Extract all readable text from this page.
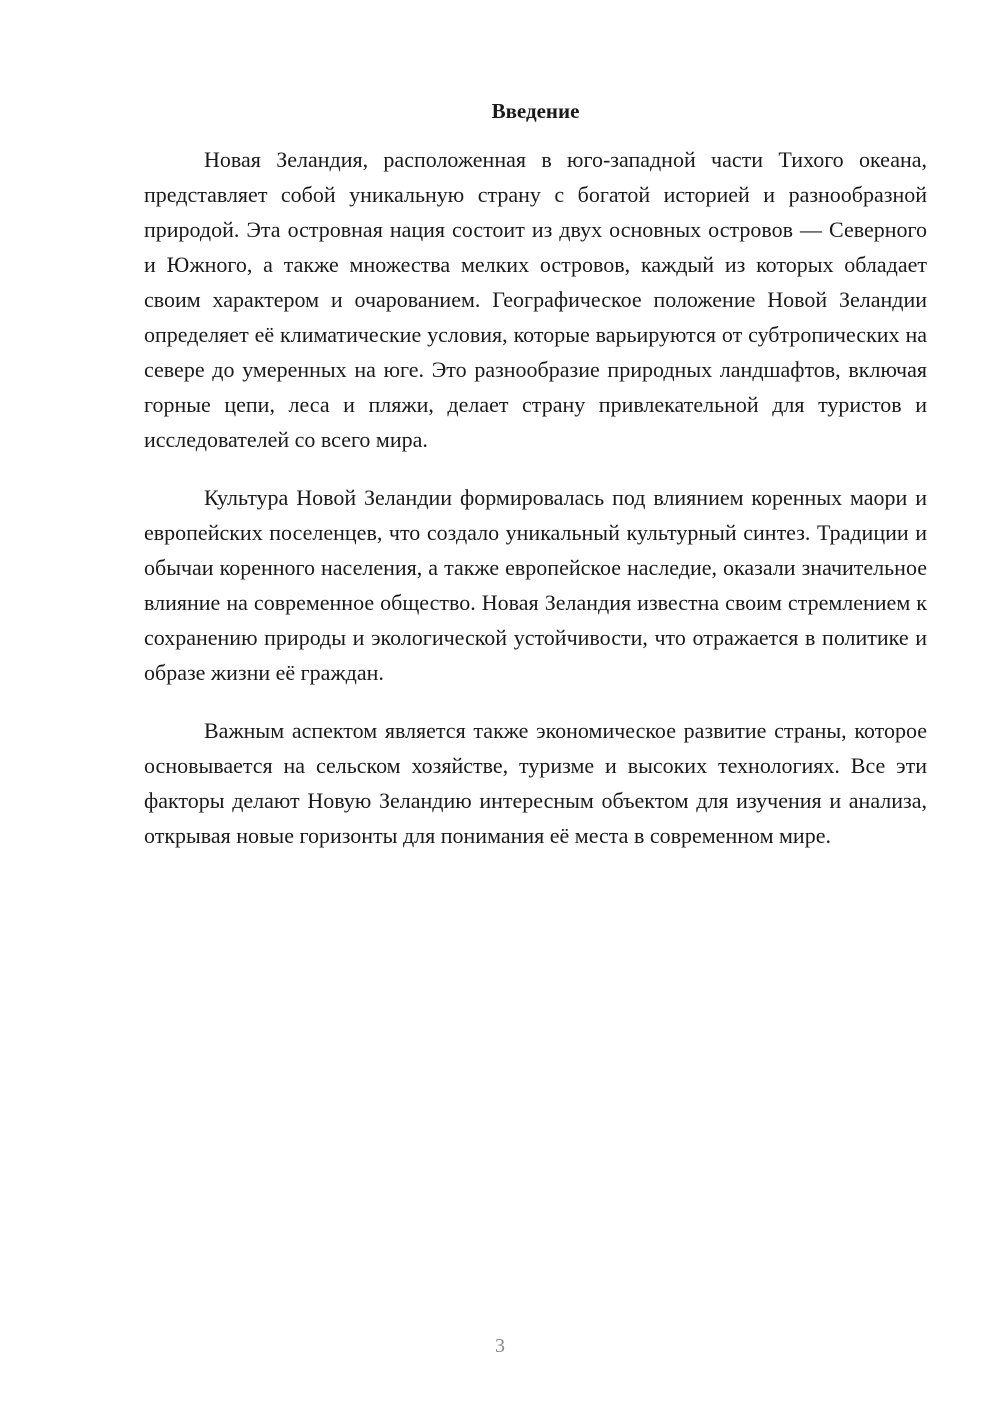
Введение

Новая Зеландия, расположенная в юго-западной части Тихого океана, представляет собой уникальную страну с богатой историей и разнообразной природой. Эта островная нация состоит из двух основных островов — Северного и Южного, а также множества мелких островов, каждый из которых обладает своим характером и очарованием. Географическое положение Новой Зеландии определяет её климатические условия, которые варьируются от субтропических на севере до умеренных на юге. Это разнообразие природных ландшафтов, включая горные цепи, леса и пляжи, делает страну привлекательной для туристов и исследователей со всего мира.

Культура Новой Зеландии формировалась под влиянием коренных маори и европейских поселенцев, что создало уникальный культурный синтез. Традиции и обычаи коренного населения, а также европейское наследие, оказали значительное влияние на современное общество. Новая Зеландия известна своим стремлением к сохранению природы и экологической устойчивости, что отражается в политике и образе жизни её граждан.

Важным аспектом является также экономическое развитие страны, которое основывается на сельском хозяйстве, туризме и высоких технологиях. Все эти факторы делают Новую Зеландию интересным объектом для изучения и анализа, открывая новые горизонты для понимания её места в современном мире.

3
